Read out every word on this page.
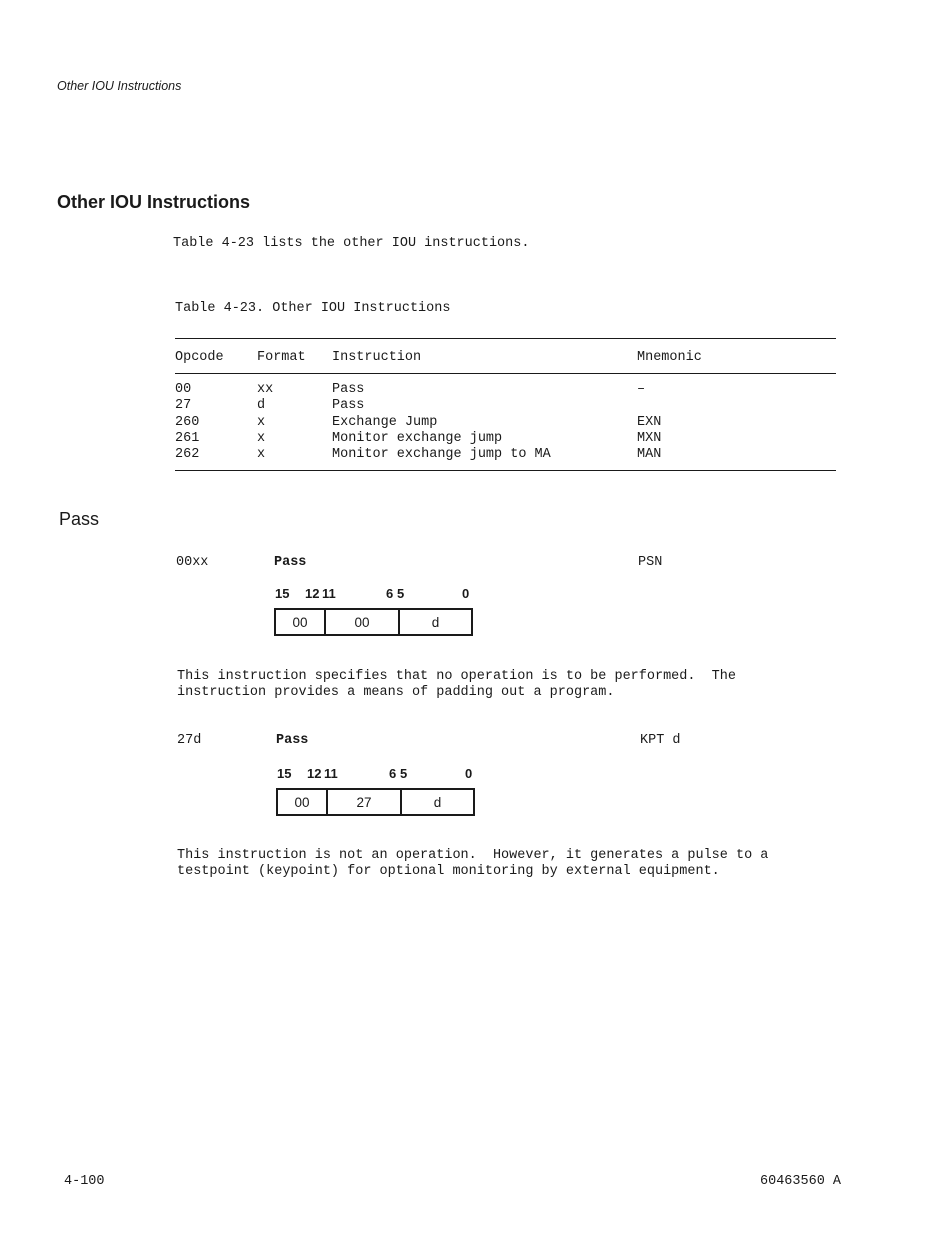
Other IOU Instructions
Other IOU Instructions
Table 4-23 lists the other IOU instructions.
Table 4-23. Other IOU Instructions
Opcode Format Instruction	Mnemonic
00	xx	Pass	–
27	d	Pass
260	x	Exchange Jump	EXN
261	x	Monitor exchange jump	MXN
262	x	Monitor exchange jump to MA	MAN
Pass
00xx	Pass	PSN
15 12 11	6 5	0
00	00	d
This instruction specifies that no operation is to be performed.  The
instruction provides a means of padding out a program.
27d	Pass	KPT d
15 12 11	6 5	0
00	27	d
This instruction is not an operation.  However, it generates a pulse to a
testpoint (keypoint) for optional monitoring by external equipment.
4-100	60463560 A
